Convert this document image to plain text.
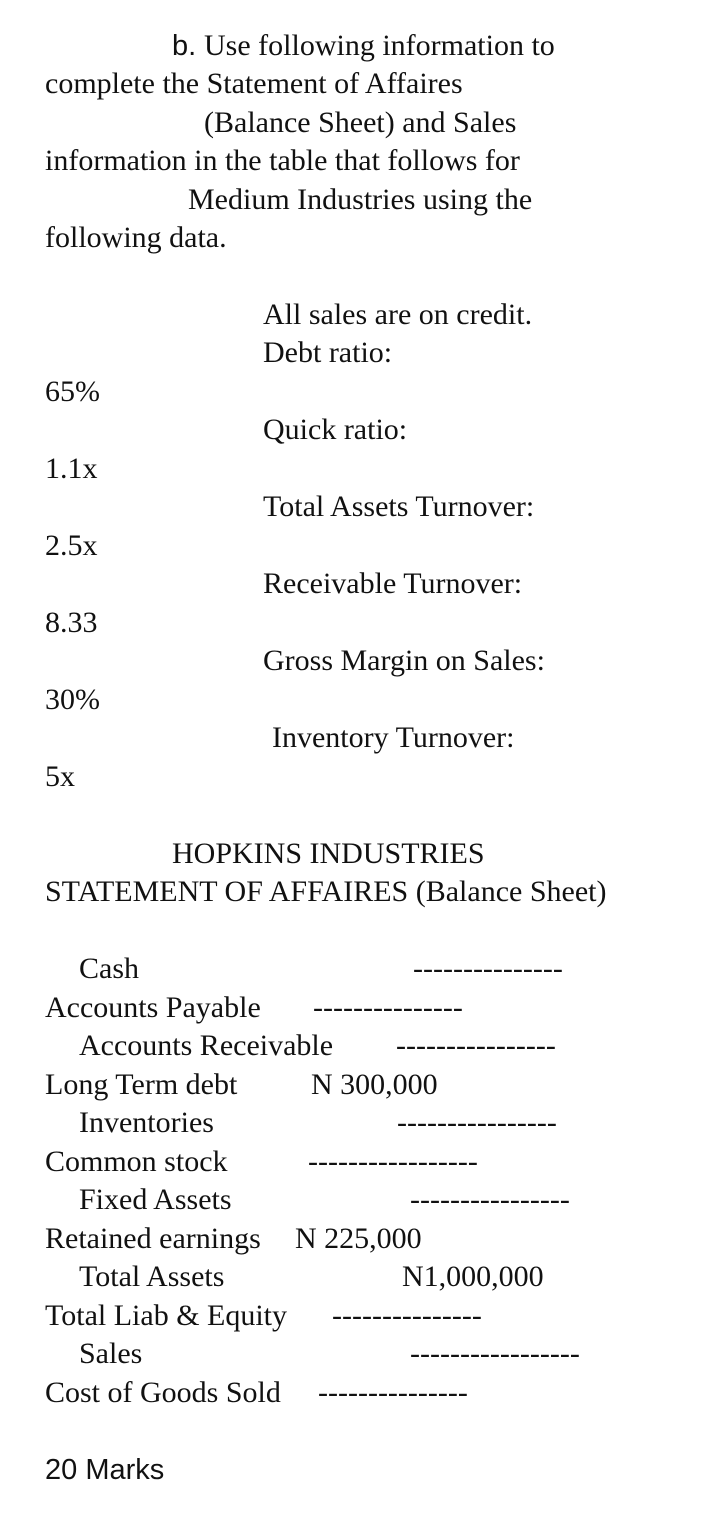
b. Use following information to
complete the Statement of Affaires
(Balance Sheet) and Sales
information in the table that follows for
Medium Industries using the
following data.
All sales are on credit.
Debt ratio:
65%
Quick ratio:
1.1x
Total Assets Turnover:
2.5x
Receivable Turnover:
8.33
Gross Margin on Sales:
30%
Inventory Turnover:
5x
HOPKINS INDUSTRIES
STATEMENT OF AFFAIRES (Balance Sheet)
Cash	---------------
Accounts Payable ---------------
Accounts Receivable ----------------
Long Term debt N 300,000
Inventories	----------------
Common stock	-----------------
Fixed Assets	----------------
Retained earnings N 225,000
Total Assets	N1,000,000
Total Liab & Equity ---------------
Sales	-----------------
Cost of Goods Sold ---------------
20 Marks
